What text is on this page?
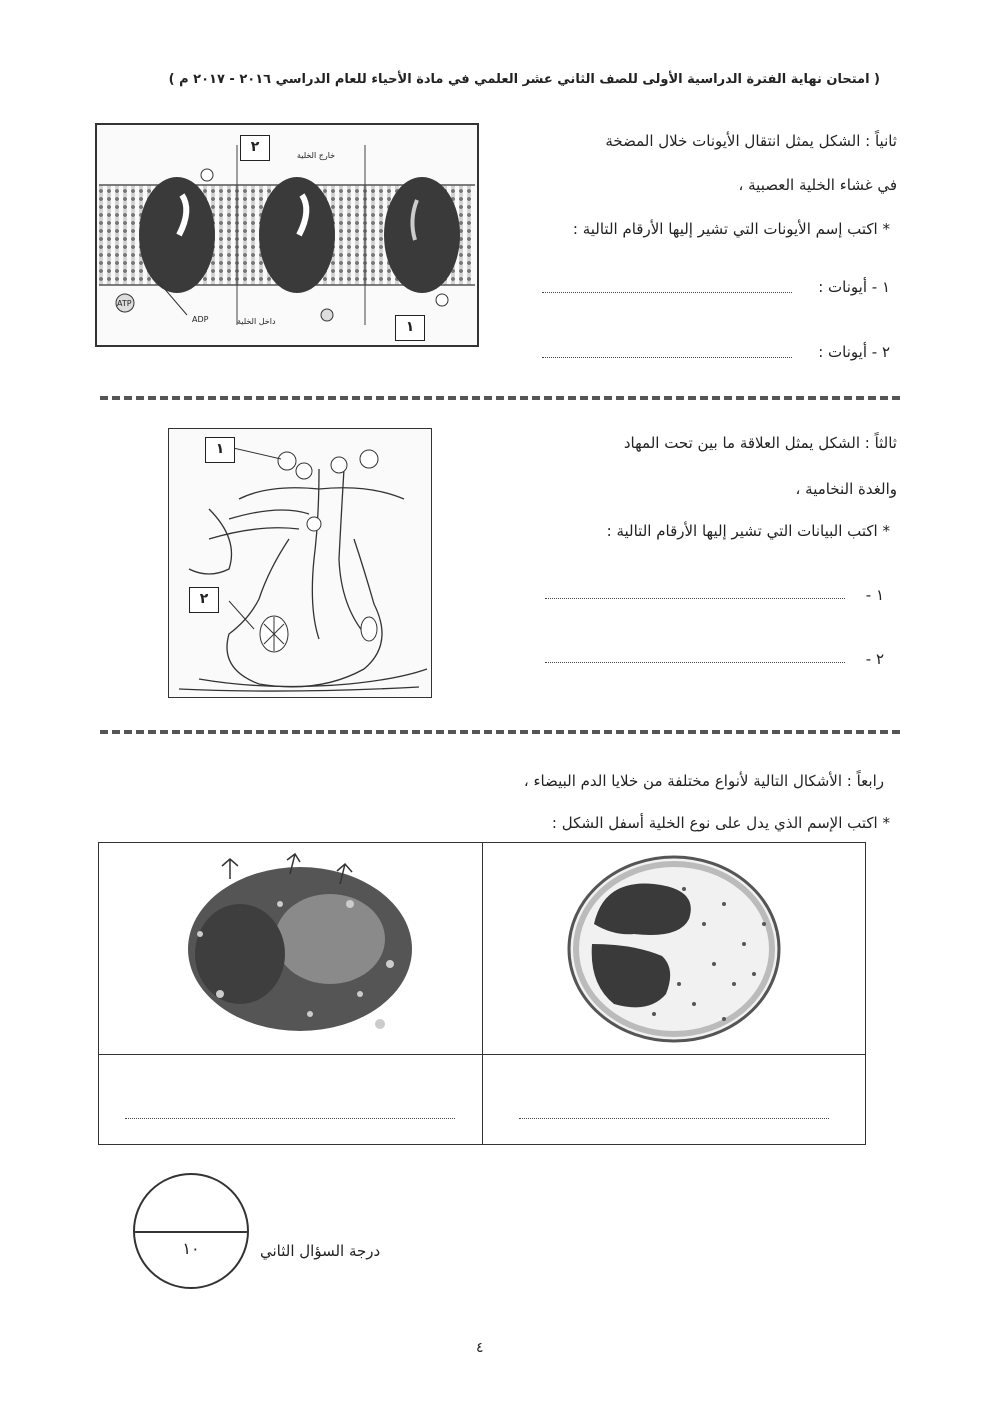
( امتحان نهاية الفترة الدراسية الأولى للصف الثاني عشر العلمي في مادة الأحياء للعام الدراسي ٢٠١٦ - ٢٠١٧ م )
ثانياً : الشكل يمثل انتقال الأيونات خلال المضخة
في غشاء الخلية العصبية ،
* اكتب إسم الأيونات التي تشير إليها الأرقام التالية :
١ - أيونات :
٢ - أيونات :
خارج الخلية
داخل الخلية
ADP
ATP
٢
١
ثالثاً : الشكل يمثل العلاقة ما بين تحت المهاد
والغدة النخامية ،
* اكتب البيانات التي تشير إليها الأرقام التالية :
١ -
٢ -
١
٢
رابعاً : الأشكال التالية لأنواع مختلفة من خلايا الدم البيضاء ،
* اكتب الإسم الذي يدل على نوع الخلية أسفل الشكل :

١٠	درجة السؤال الثاني
٤
